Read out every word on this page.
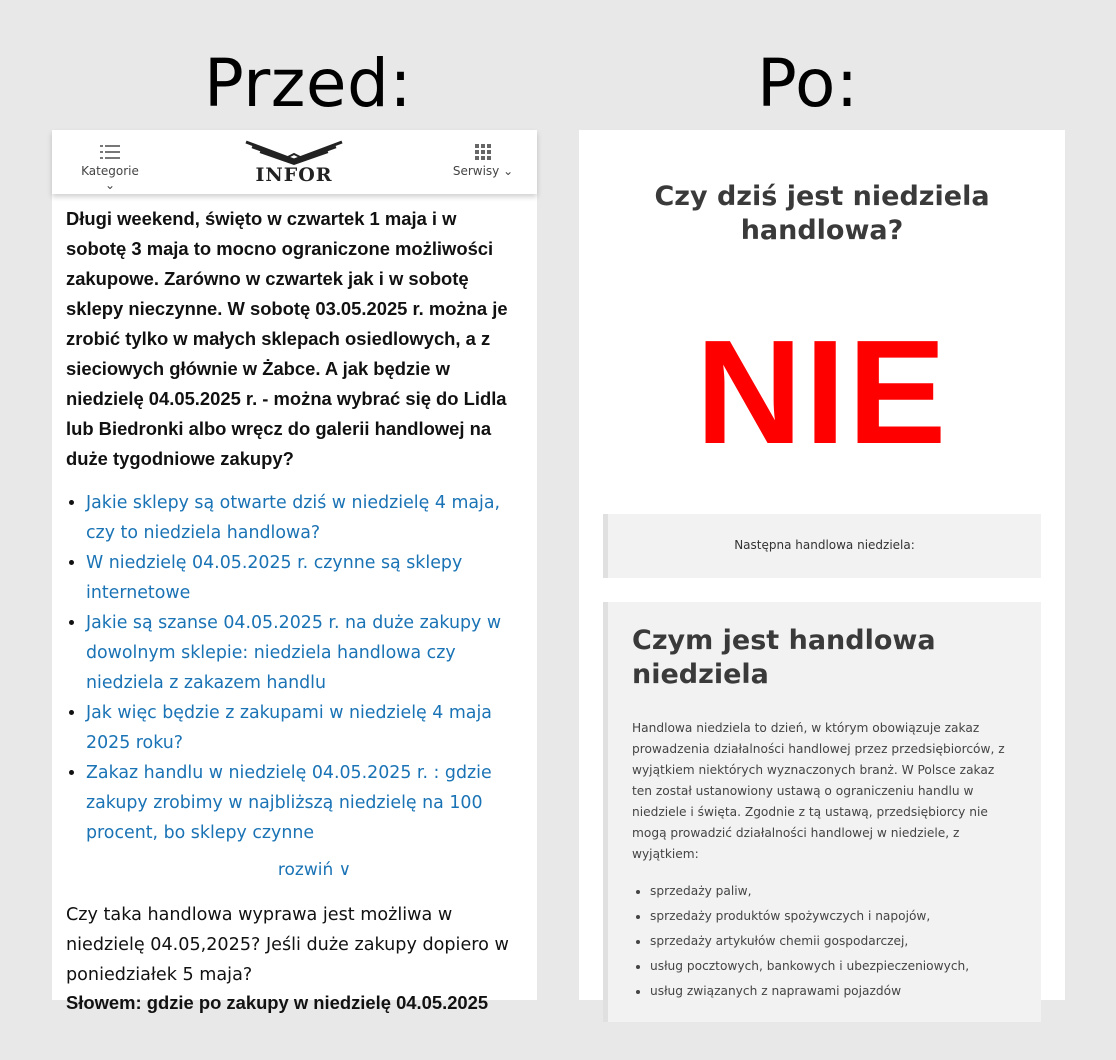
Przed:	Po:
Kategorie ⌄	INFOR	Serwisy ⌄
Długi weekend, święto w czwartek 1 maja i w
sobotę 3 maja to mocno ograniczone możliwości
zakupowe. Zarówno w czwartek jak i w sobotę
sklepy nieczynne. W sobotę 03.05.2025 r. można je
zrobić tylko w małych sklepach osiedlowych, a z
sieciowych głównie w Żabce. A jak będzie w
niedzielę 04.05.2025 r. - można wybrać się do Lidla
lub Biedronki albo wręcz do galerii handlowej na
duże tygodniowe zakupy?
• Jakie sklepy są otwarte dziś w niedzielę 4 maja, czy to niedziela handlowa?
• W niedzielę 04.05.2025 r. czynne są sklepy internetowe
• Jakie są szanse 04.05.2025 r. na duże zakupy w dowolnym sklepie: niedziela handlowa czy niedziela z zakazem handlu
• Jak więc będzie z zakupami w niedzielę 4 maja 2025 roku?
• Zakaz handlu w niedzielę 04.05.2025 r. : gdzie zakupy zrobimy w najbliższą niedzielę na 100 procent, bo sklepy czynne
rozwiń ∨
Czy taka handlowa wyprawa jest możliwa w niedzielę 04.05,2025? Jeśli duże zakupy dopiero w poniedziałek 5 maja?
Słowem: gdzie po zakupy w niedzielę 04.05.2025
Czy dziś jest niedziela handlowa?
NIE
Następna handlowa niedziela:
Czym jest handlowa niedziela

Handlowa niedziela to dzień, w którym obowiązuje zakaz prowadzenia działalności handlowej przez przedsiębiorców, z wyjątkiem niektórych wyznaczonych branż. W Polsce zakaz ten został ustanowiony ustawą o ograniczeniu handlu w niedziele i święta. Zgodnie z tą ustawą, przedsiębiorcy nie mogą prowadzić działalności handlowej w niedziele, z wyjątkiem:

• sprzedaży paliw,
• sprzedaży produktów spożywczych i napojów,
• sprzedaży artykułów chemii gospodarczej,
• usług pocztowych, bankowych i ubezpieczeniowych,
• usług związanych z naprawami pojazdów
